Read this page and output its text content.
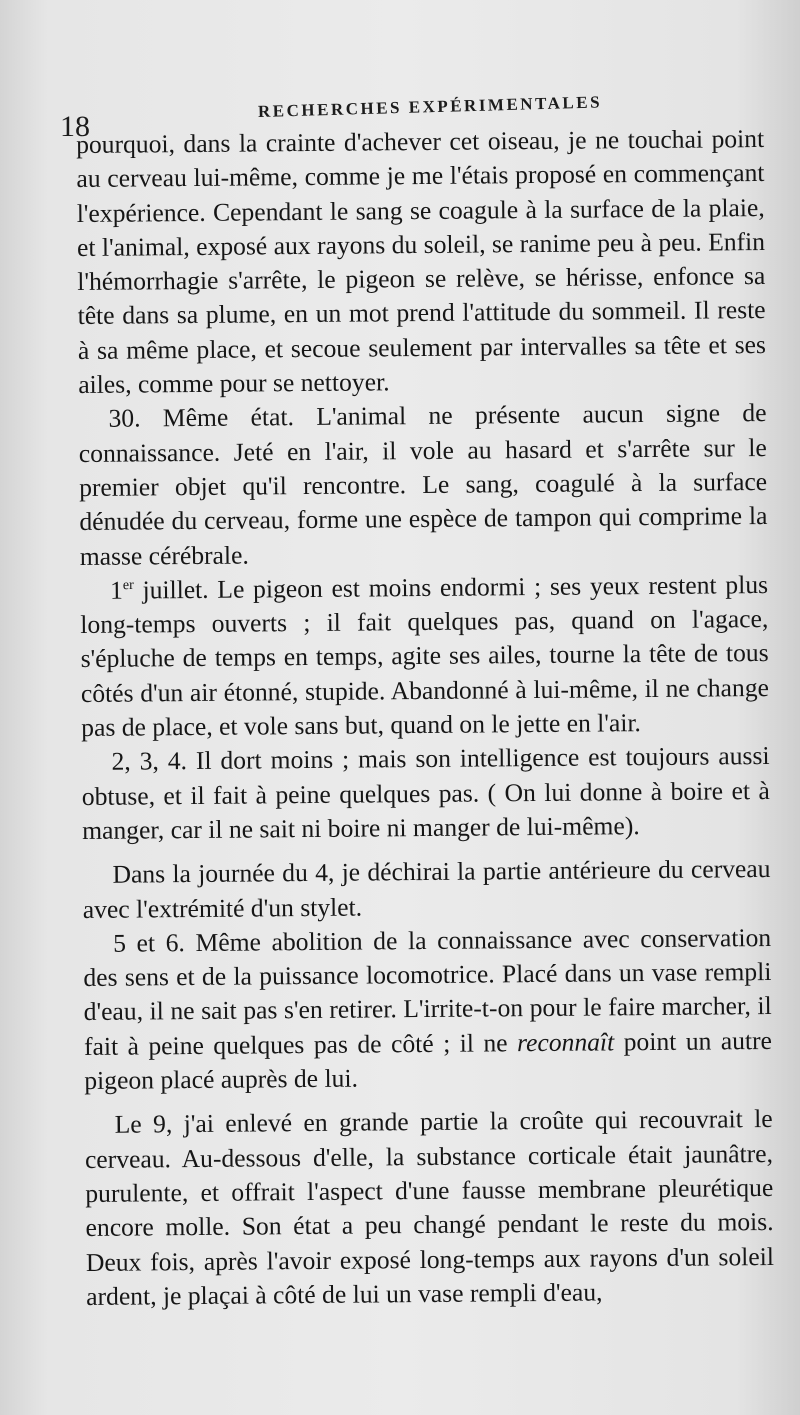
18
RECHERCHES EXPÉRIMENTALES

pourquoi, dans la crainte d'achever cet oiseau, je ne touchai point au cerveau lui-même, comme je me l'étais proposé en commençant l'expérience. Cependant le sang se coagule à la surface de la plaie, et l'animal, exposé aux rayons du soleil, se ranime peu à peu. Enfin l'hémorrhagie s'arrête, le pigeon se relève, se hérisse, enfonce sa tête dans sa plume, en un mot prend l'attitude du sommeil. Il reste à sa même place, et secoue seulement par intervalles sa tête et ses ailes, comme pour se nettoyer.

30. Même état. L'animal ne présente aucun signe de connaissance. Jeté en l'air, il vole au hasard et s'arrête sur le premier objet qu'il rencontre. Le sang, coagulé à la surface dénudée du cerveau, forme une espèce de tampon qui comprime la masse cérébrale.

1er juillet. Le pigeon est moins endormi ; ses yeux restent plus long-temps ouverts ; il fait quelques pas, quand on l'agace, s'épluche de temps en temps, agite ses ailes, tourne la tête de tous côtés d'un air étonné, stupide. Abandonné à lui-même, il ne change pas de place, et vole sans but, quand on le jette en l'air.

2, 3, 4. Il dort moins ; mais son intelligence est toujours aussi obtuse, et il fait à peine quelques pas. ( On lui donne à boire et à manger, car il ne sait ni boire ni manger de lui-même).

Dans la journée du 4, je déchirai la partie antérieure du cerveau avec l'extrémité d'un stylet.

5 et 6. Même abolition de la connaissance avec conservation des sens et de la puissance locomotrice. Placé dans un vase rempli d'eau, il ne sait pas s'en retirer. L'irrite-t-on pour le faire marcher, il fait à peine quelques pas de côté ; il ne reconnaît point un autre pigeon placé auprès de lui.

Le 9, j'ai enlevé en grande partie la croûte qui recouvrait le cerveau. Au-dessous d'elle, la substance corticale était jaunâtre, purulente, et offrait l'aspect d'une fausse membrane pleurétique encore molle. Son état a peu changé pendant le reste du mois. Deux fois, après l'avoir exposé long-temps aux rayons d'un soleil ardent, je plaçai à côté de lui un vase rempli d'eau,
